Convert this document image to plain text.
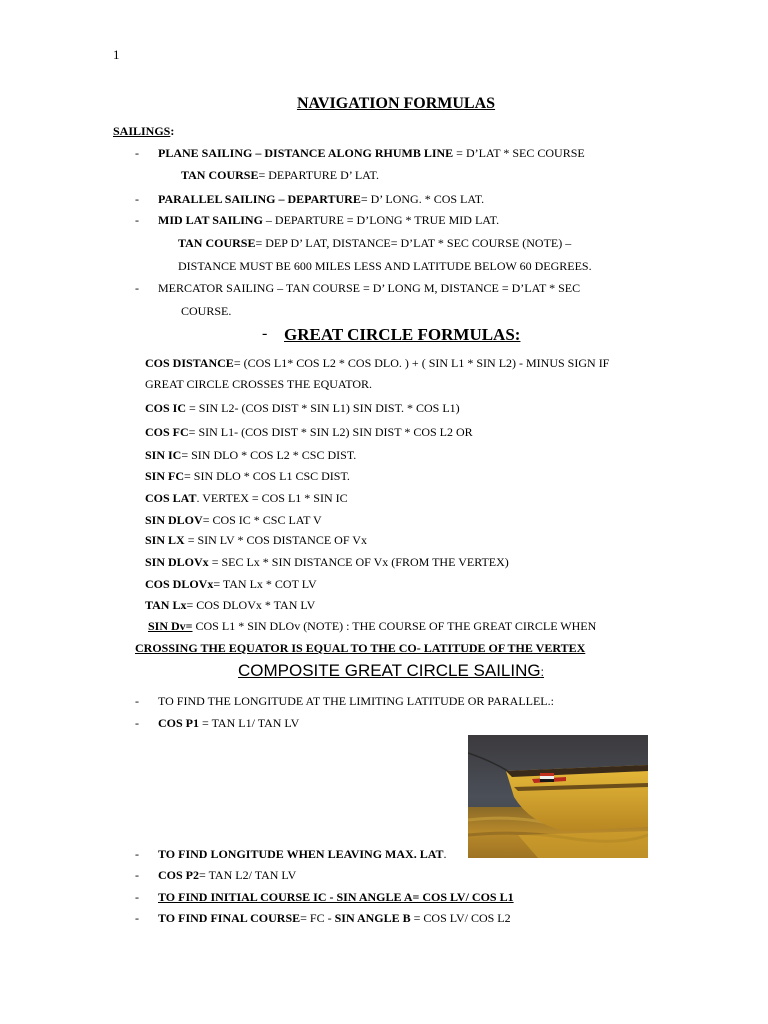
1
NAVIGATION FORMULAS
SAILINGS:
- PLANE SAILING – DISTANCE ALONG RHUMB LINE = D’LAT * SEC COURSE
TAN COURSE= DEPARTURE D’ LAT.
- PARALLEL SAILING – DEPARTURE= D’ LONG. * COS LAT.
- MID LAT SAILING – DEPARTURE = D’LONG * TRUE MID LAT.
TAN COURSE= DEP D’ LAT, DISTANCE= D’LAT * SEC COURSE (NOTE) –
DISTANCE MUST BE 600 MILES LESS AND LATITUDE BELOW 60 DEGREES.
- MERCATOR SAILING – TAN COURSE = D’ LONG M, DISTANCE = D’LAT * SEC
COURSE.
- GREAT CIRCLE FORMULAS:
COS DISTANCE= (COS L1* COS L2 * COS DLO. ) + ( SIN L1 * SIN L2) - MINUS SIGN IF
GREAT CIRCLE CROSSES THE EQUATOR.
COS IC = SIN L2- (COS DIST * SIN L1) SIN DIST. * COS L1)
COS FC= SIN L1- (COS DIST * SIN L2) SIN DIST * COS L2 OR
SIN IC= SIN DLO * COS L2 * CSC DIST.
SIN FC= SIN DLO * COS L1 CSC DIST.
COS LAT. VERTEX = COS L1 * SIN IC
SIN DLOV= COS IC * CSC LAT V
SIN LX = SIN LV * COS DISTANCE OF Vx
SIN DLOVx = SEC Lx * SIN DISTANCE OF Vx (FROM THE VERTEX)
COS DLOVx= TAN Lx * COT LV
TAN Lx= COS DLOVx * TAN LV
SIN Dv= COS L1 * SIN DLOv (NOTE) : THE COURSE OF THE GREAT CIRCLE WHEN
CROSSING THE EQUATOR IS EQUAL TO THE CO- LATITUDE OF THE VERTEX
COMPOSITE GREAT CIRCLE SAILING:
- TO FIND THE LONGITUDE AT THE LIMITING LATITUDE OR PARALLEL.:
- COS P1 = TAN L1/ TAN LV
- TO FIND LONGITUDE WHEN LEAVING MAX. LAT.
- COS P2= TAN L2/ TAN LV
- TO FIND INITIAL COURSE IC - SIN ANGLE A= COS LV/ COS L1
- TO FIND FINAL COURSE= FC - SIN ANGLE B = COS LV/ COS L2
